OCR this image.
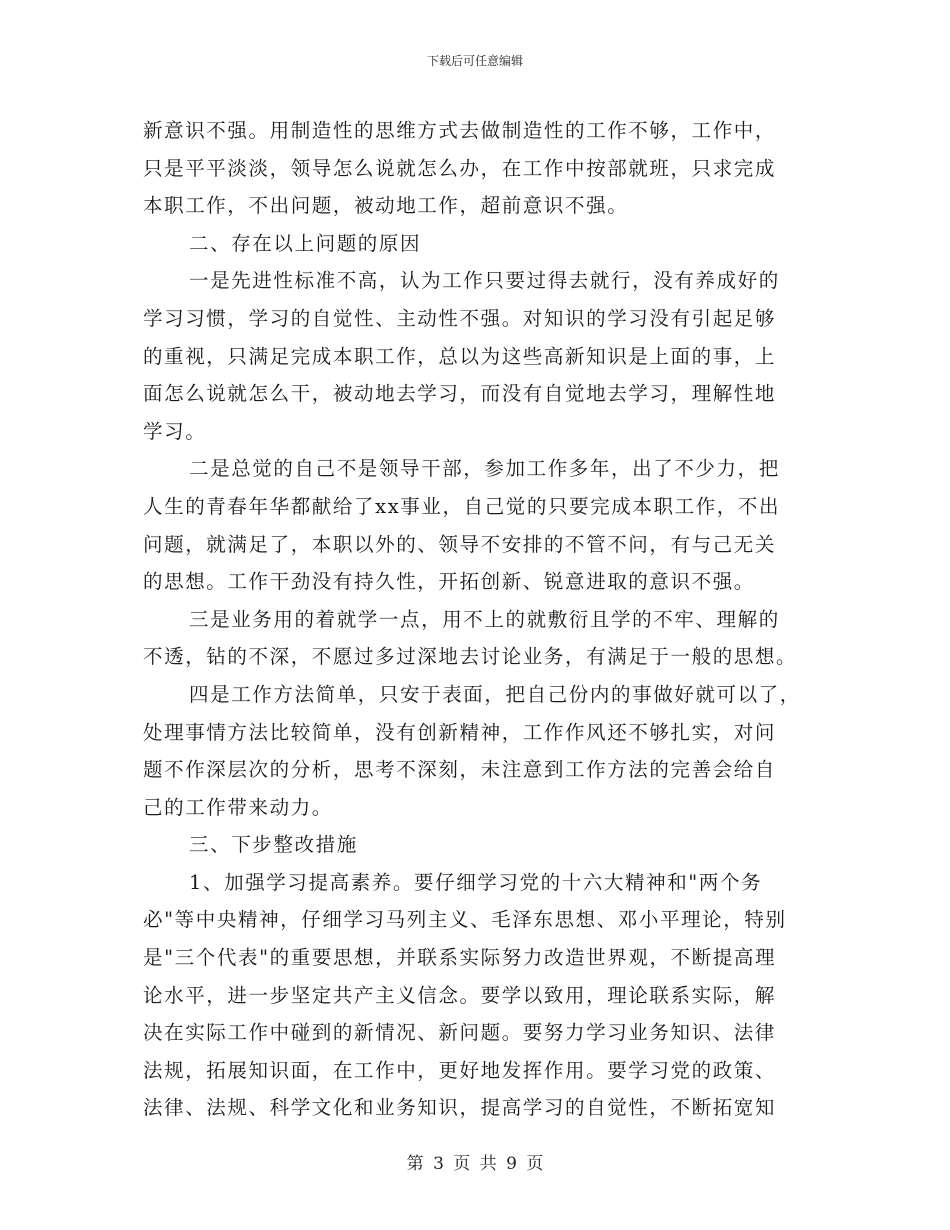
下载后可任意编辑
新意识不强。用制造性的思维方式去做制造性的工作不够，工作中，
只是平平淡淡，领导怎么说就怎么办，在工作中按部就班，只求完成
本职工作，不出问题，被动地工作，超前意识不强。
二、存在以上问题的原因
一是先进性标准不高，认为工作只要过得去就行，没有养成好的
学习习惯，学习的自觉性、主动性不强。对知识的学习没有引起足够
的重视，只满足完成本职工作，总以为这些高新知识是上面的事，上
面怎么说就怎么干，被动地去学习，而没有自觉地去学习，理解性地
学习。
二是总觉的自己不是领导干部，参加工作多年，出了不少力，把
人生的青春年华都献给了xx事业，自己觉的只要完成本职工作，不出
问题，就满足了，本职以外的、领导不安排的不管不问，有与己无关
的思想。工作干劲没有持久性，开拓创新、锐意进取的意识不强。
三是业务用的着就学一点，用不上的就敷衍且学的不牢、理解的
不透，钻的不深，不愿过多过深地去讨论业务，有满足于一般的思想。
四是工作方法简单，只安于表面，把自己份内的事做好就可以了，
处理事情方法比较简单，没有创新精神，工作作风还不够扎实，对问
题不作深层次的分析，思考不深刻，未注意到工作方法的完善会给自
己的工作带来动力。
三、下步整改措施
1、加强学习提高素养。要仔细学习党的十六大精神和"两个务
必"等中央精神，仔细学习马列主义、毛泽东思想、邓小平理论，特别
是"三个代表"的重要思想，并联系实际努力改造世界观，不断提高理
论水平，进一步坚定共产主义信念。要学以致用，理论联系实际，解
决在实际工作中碰到的新情况、新问题。要努力学习业务知识、法律
法规，拓展知识面，在工作中，更好地发挥作用。要学习党的政策、
法律、法规、科学文化和业务知识，提高学习的自觉性，不断拓宽知
第 3 页 共 9 页
